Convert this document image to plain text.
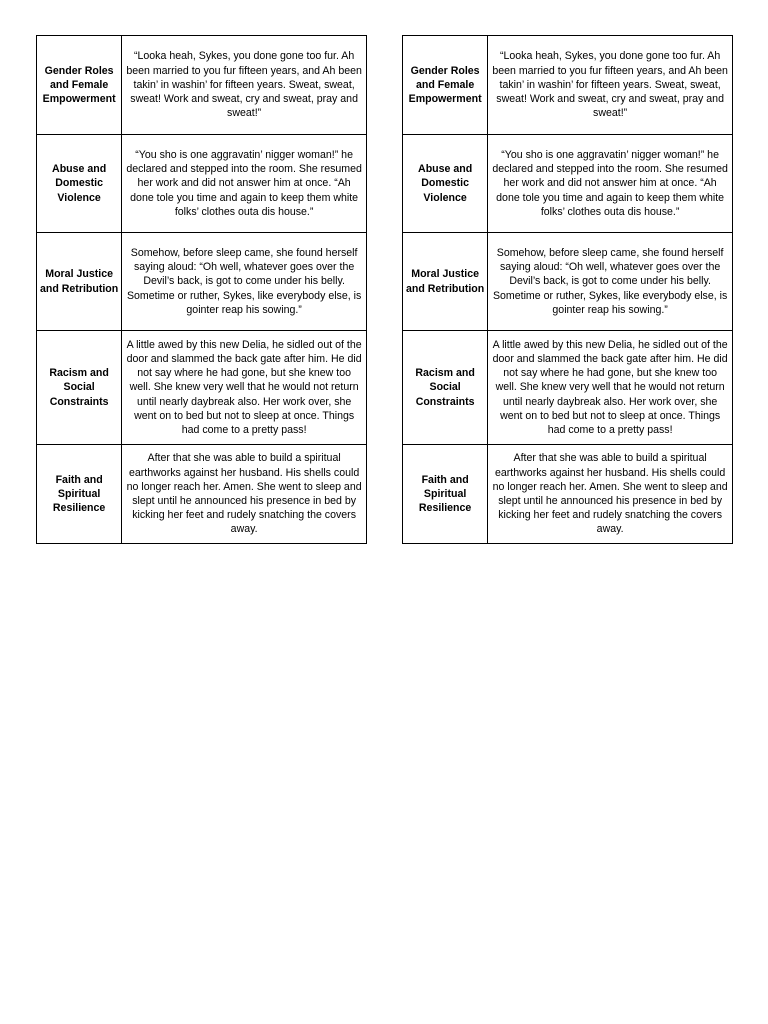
Gender Roles and Female Empowerment	“Looka heah, Sykes, you done gone too fur. Ah been married to you fur fifteen years, and Ah been takin’ in washin’ for fifteen years. Sweat, sweat, sweat! Work and sweat, cry and sweat, pray and sweat!”
Abuse and Domestic Violence	“You sho is one aggravatin’ nigger woman!” he declared and stepped into the room. She resumed her work and did not answer him at once. “Ah done tole you time and again to keep them white folks’ clothes outa dis house.”
Moral Justice and Retribution	Somehow, before sleep came, she found herself saying aloud: “Oh well, whatever goes over the Devil’s back, is got to come under his belly. Sometime or ruther, Sykes, like everybody else, is gointer reap his sowing.”
Racism and Social Constraints	A little awed by this new Delia, he sidled out of the door and slammed the back gate after him. He did not say where he had gone, but she knew too well. She knew very well that he would not return until nearly daybreak also. Her work over, she went on to bed but not to sleep at once. Things had come to a pretty pass!
Faith and Spiritual Resilience	After that she was able to build a spiritual earthworks against her husband. His shells could no longer reach her. Amen. She went to sleep and slept until he announced his presence in bed by kicking her feet and rudely snatching the covers away.
Gender Roles and Female Empowerment	“Looka heah, Sykes, you done gone too fur. Ah been married to you fur fifteen years, and Ah been takin’ in washin’ for fifteen years. Sweat, sweat, sweat! Work and sweat, cry and sweat, pray and sweat!”
Abuse and Domestic Violence	“You sho is one aggravatin’ nigger woman!” he declared and stepped into the room. She resumed her work and did not answer him at once. “Ah done tole you time and again to keep them white folks’ clothes outa dis house.”
Moral Justice and Retribution	Somehow, before sleep came, she found herself saying aloud: “Oh well, whatever goes over the Devil’s back, is got to come under his belly. Sometime or ruther, Sykes, like everybody else, is gointer reap his sowing.”
Racism and Social Constraints	A little awed by this new Delia, he sidled out of the door and slammed the back gate after him. He did not say where he had gone, but she knew too well. She knew very well that he would not return until nearly daybreak also. Her work over, she went on to bed but not to sleep at once. Things had come to a pretty pass!
Faith and Spiritual Resilience	After that she was able to build a spiritual earthworks against her husband. His shells could no longer reach her. Amen. She went to sleep and slept until he announced his presence in bed by kicking her feet and rudely snatching the covers away.
